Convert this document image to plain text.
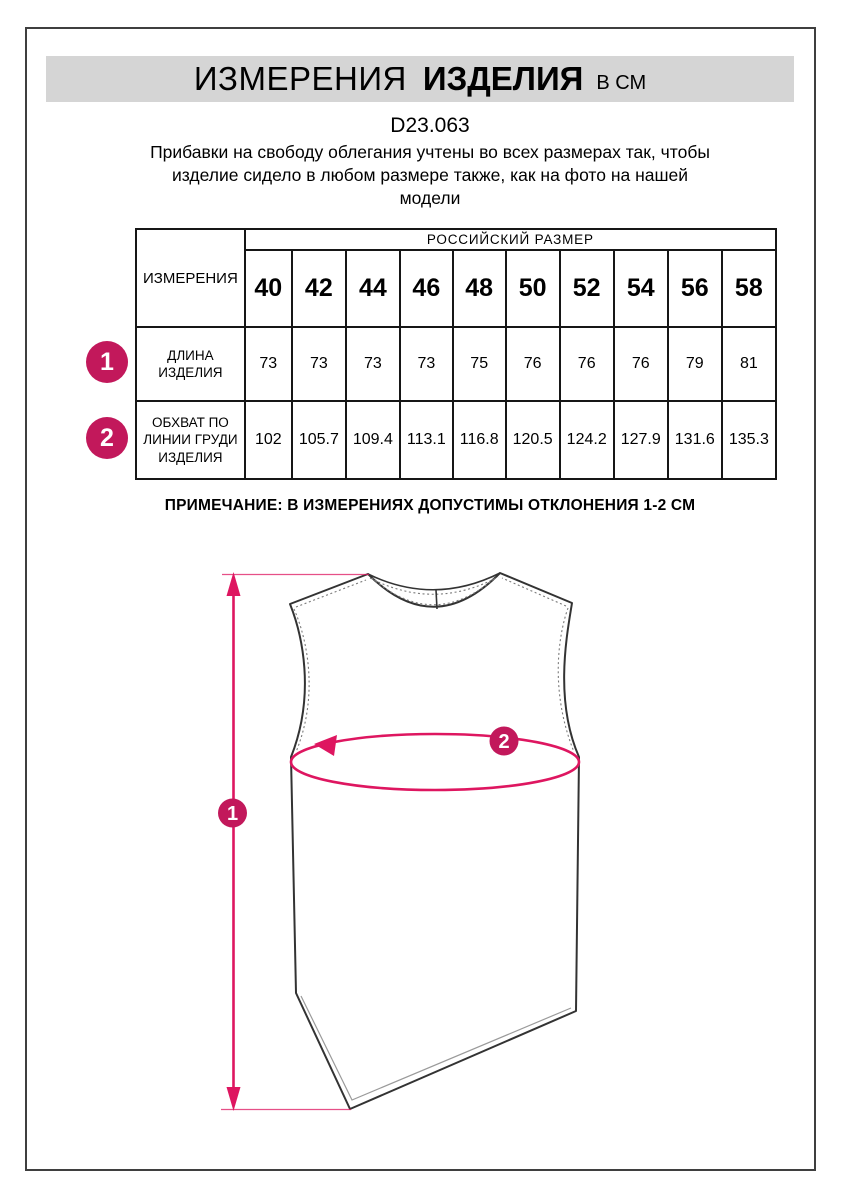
ИЗМЕРЕНИЯ ИЗДЕЛИЯ В СМ
D23.063
Прибавки на свободу облегания учтены во всех размерах так, чтобы
изделие сидело в любом размере также, как на фото на нашей
модели
ИЗМЕРЕНИЯ	РОССИЙСКИЙ РАЗМЕР									
	40	42	44	46	48	50	52	54	56	58
ДЛИНА ИЗДЕЛИЯ	73	73	73	73	75	76	76	76	79	81
ОБХВАТ ПО ЛИНИИ ГРУДИ ИЗДЕЛИЯ	102	105.7	109.4	113.1	116.8	120.5	124.2	127.9	131.6	135.3
1
2
ПРИМЕЧАНИЕ: В ИЗМЕРЕНИЯХ ДОПУСТИМЫ ОТКЛОНЕНИЯ 1-2 СМ
1
2
